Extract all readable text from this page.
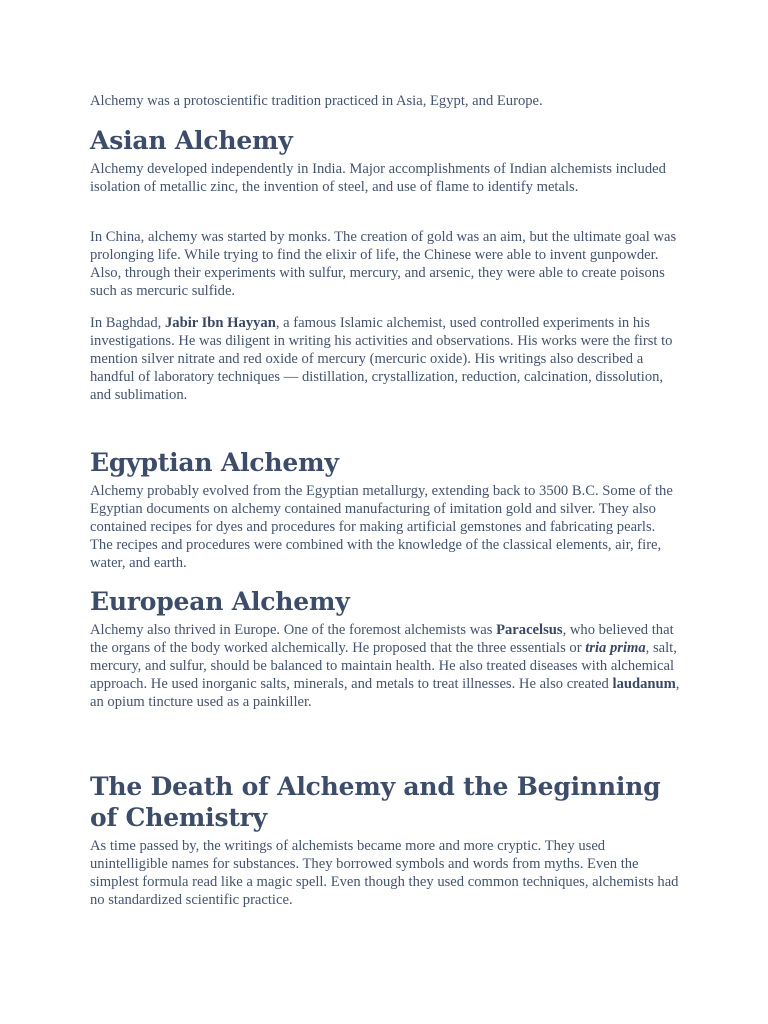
Alchemy was a protoscientific tradition practiced in Asia, Egypt, and Europe.

Asian Alchemy

Alchemy developed independently in India. Major accomplishments of Indian alchemists included isolation of metallic zinc, the invention of steel, and use of flame to identify metals.

In China, alchemy was started by monks. The creation of gold was an aim, but the ultimate goal was prolonging life. While trying to find the elixir of life, the Chinese were able to invent gunpowder. Also, through their experiments with sulfur, mercury, and arsenic, they were able to create poisons such as mercuric sulfide.

In Baghdad, Jabir Ibn Hayyan, a famous Islamic alchemist, used controlled experiments in his investigations. He was diligent in writing his activities and observations. His works were the first to mention silver nitrate and red oxide of mercury (mercuric oxide). His writings also described a handful of laboratory techniques — distillation, crystallization, reduction, calcination, dissolution, and sublimation.

Egyptian Alchemy

Alchemy probably evolved from the Egyptian metallurgy, extending back to 3500 B.C. Some of the Egyptian documents on alchemy contained manufacturing of imitation gold and silver. They also contained recipes for dyes and procedures for making artificial gemstones and fabricating pearls. The recipes and procedures were combined with the knowledge of the classical elements, air, fire, water, and earth.

European Alchemy

Alchemy also thrived in Europe. One of the foremost alchemists was Paracelsus, who believed that the organs of the body worked alchemically. He proposed that the three essentials or tria prima, salt, mercury, and sulfur, should be balanced to maintain health. He also treated diseases with alchemical approach. He used inorganic salts, minerals, and metals to treat illnesses. He also created laudanum, an opium tincture used as a painkiller.

The Death of Alchemy and the Beginning of Chemistry

As time passed by, the writings of alchemists became more and more cryptic. They used unintelligible names for substances. They borrowed symbols and words from myths. Even the simplest formula read like a magic spell. Even though they used common techniques, alchemists had no standardized scientific practice.
